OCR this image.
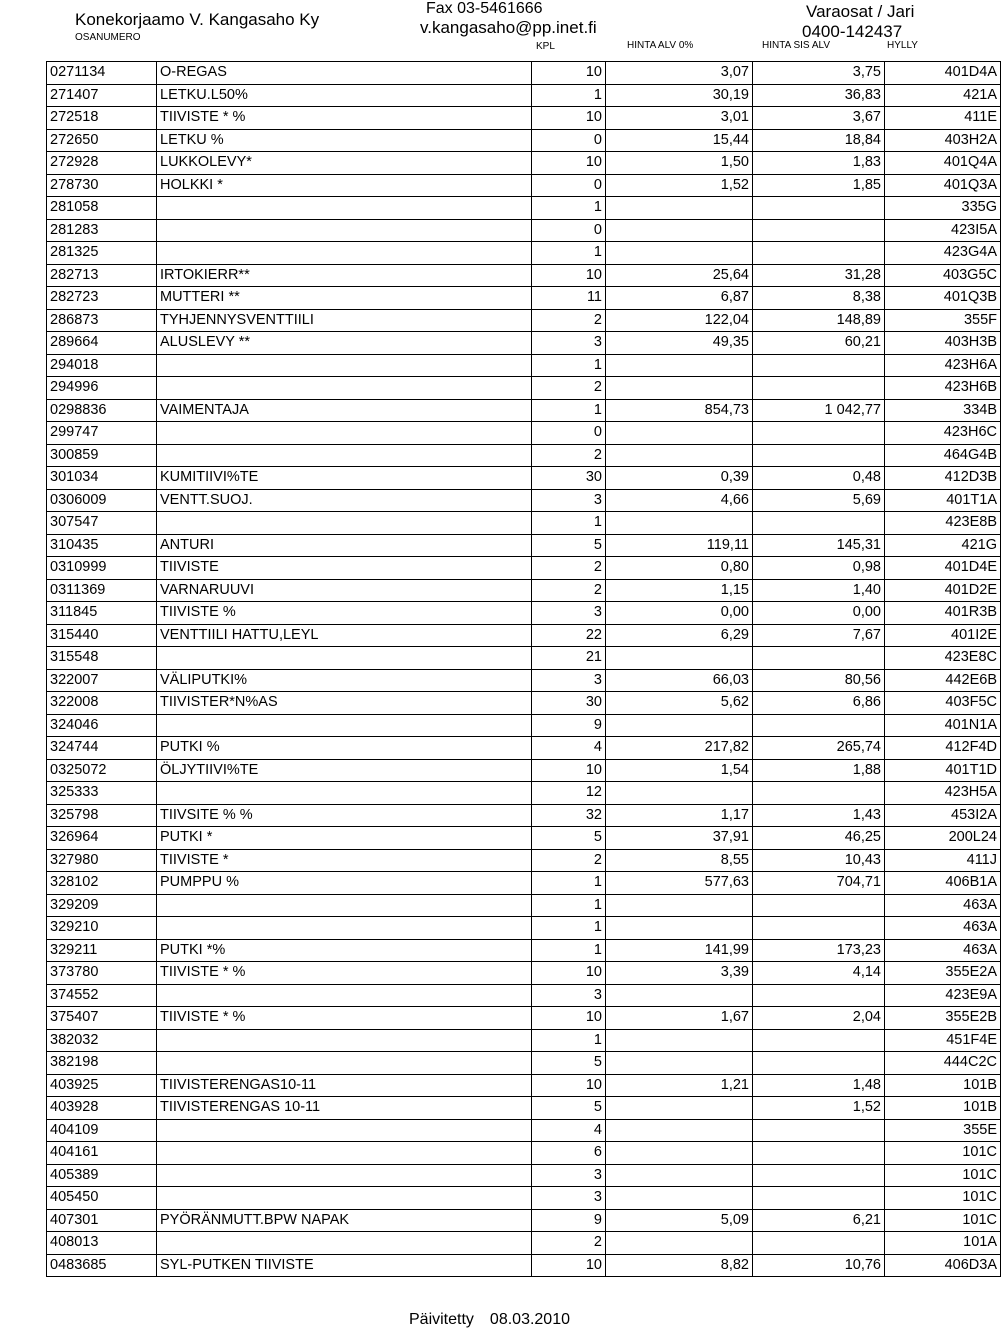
Konekorjaamo V. Kangasaho Ky
OSANUMERO
Fax 03-5461666
v.kangasaho@pp.inet.fi
Varaosat / Jari
0400-142437
KPL	HINTA ALV 0%	HINTA SIS ALV	HYLLY
0271134	O-REGAS	10	3,07	3,75	401D4A
271407	LETKU.L50%	1	30,19	36,83	421A
272518	TIIVISTE * %	10	3,01	3,67	411E
272650	LETKU %	0	15,44	18,84	403H2A
272928	LUKKOLEVY*	10	1,50	1,83	401Q4A
278730	HOLKKI *	0	1,52	1,85	401Q3A
281058		1			335G
281283		0			423I5A
281325		1			423G4A
282713	IRTOKIERR**	10	25,64	31,28	403G5C
282723	MUTTERI **	11	6,87	8,38	401Q3B
286873	TYHJENNYSVENTTIILI	2	122,04	148,89	355F
289664	ALUSLEVY **	3	49,35	60,21	403H3B
294018		1			423H6A
294996		2			423H6B
0298836	VAIMENTAJA	1	854,73	1 042,77	334B
299747		0			423H6C
300859		2			464G4B
301034	KUMITIIVI%TE	30	0,39	0,48	412D3B
0306009	VENTT.SUOJ.	3	4,66	5,69	401T1A
307547		1			423E8B
310435	ANTURI	5	119,11	145,31	421G
0310999	TIIVISTE	2	0,80	0,98	401D4E
0311369	VARNARUUVI	2	1,15	1,40	401D2E
311845	TIIVISTE %	3	0,00	0,00	401R3B
315440	VENTTIILI HATTU,LEYL	22	6,29	7,67	401I2E
315548		21			423E8C
322007	VÄLIPUTKI%	3	66,03	80,56	442E6B
322008	TIIVISTER*N%AS	30	5,62	6,86	403F5C
324046		9			401N1A
324744	PUTKI %	4	217,82	265,74	412F4D
0325072	ÖLJYTIIVI%TE	10	1,54	1,88	401T1D
325333		12			423H5A
325798	TIIVSITE % %	32	1,17	1,43	453I2A
326964	PUTKI *	5	37,91	46,25	200L24
327980	TIIVISTE *	2	8,55	10,43	411J
328102	PUMPPU %	1	577,63	704,71	406B1A
329209		1			463A
329210		1			463A
329211	PUTKI *%	1	141,99	173,23	463A
373780	TIIVISTE * %	10	3,39	4,14	355E2A
374552		3			423E9A
375407	TIIVISTE * %	10	1,67	2,04	355E2B
382032		1			451F4E
382198		5			444C2C
403925	TIIVISTERENGAS10-11	10	1,21	1,48	101B
403928	TIIVISTERENGAS 10-11	5		1,52	101B
404109		4			355E
404161		6			101C
405389		3			101C
405450		3			101C
407301	PYÖRÄNMUTT.BPW NAPAK	9	5,09	6,21	101C
408013		2			101A
0483685	SYL-PUTKEN TIIVISTE	10	8,82	10,76	406D3A
Päivitetty 08.03.2010
